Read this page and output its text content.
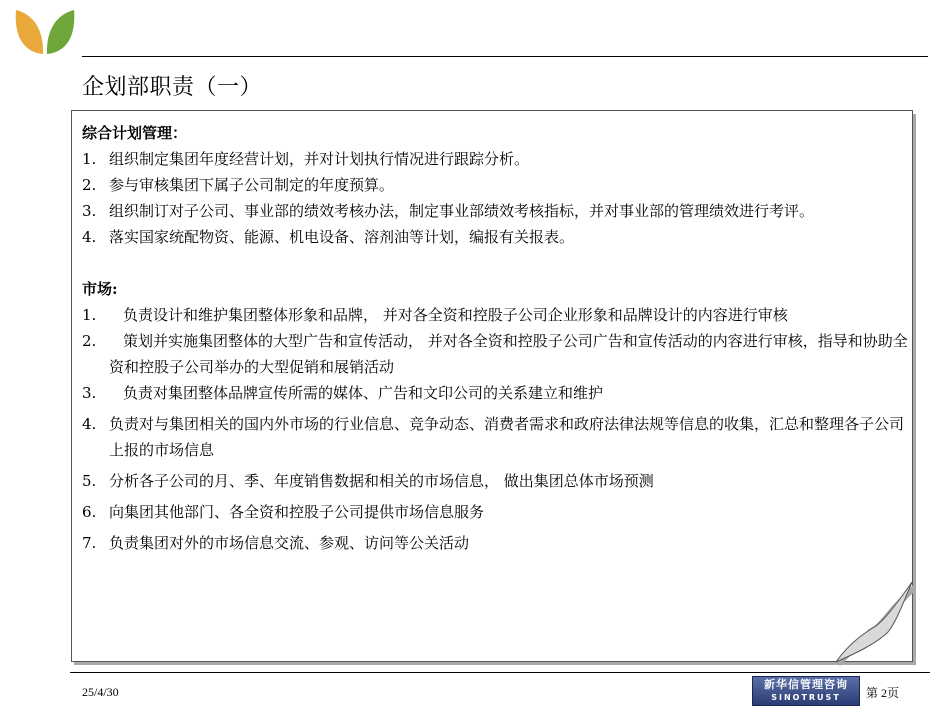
企划部职责（一）
综合计划管理：
1. 组织制定集团年度经营计划，并对计划执行情况进行跟踪分析。
2. 参与审核集团下属子公司制定的年度预算。
3. 组织制订对子公司、事业部的绩效考核办法，制定事业部绩效考核指标，并对事业部的管理绩效进行考评。
4. 落实国家统配物资、能源、机电设备、溶剂油等计划，编报有关报表。
市场:
1. 负责设计和维护集团整体形象和品牌， 并对各全资和控股子公司企业形象和品牌设计的内容进行审核
2. 策划并实施集团整体的大型广告和宣传活动， 并对各全资和控股子公司广告和宣传活动的内容进行审核，指导和协助全资和控股子公司举办的大型促销和展销活动
3. 负责对集团整体品牌宣传所需的媒体、广告和文印公司的关系建立和维护
4. 负责对与集团相关的国内外市场的行业信息、竞争动态、消费者需求和政府法律法规等信息的收集，汇总和整理各子公司上报的市场信息
5. 分析各子公司的月、季、年度销售数据和相关的市场信息， 做出集团总体市场预测
6. 向集团其他部门、各全资和控股子公司提供市场信息服务
7. 负责集团对外的市场信息交流、参观、访问等公关活动
25/4/30
新华信管理咨询
SINOTRUST	第 2页
